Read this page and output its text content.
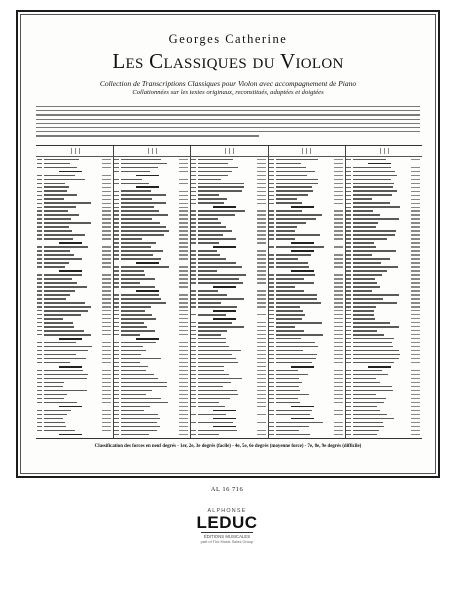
Georges Catherine
Les Classiques du Violon
Collection de Transcriptions Classiques pour Violon avec accompagnement de Piano
Collationnées sur les textes originaux, reconstitués, adaptées et doigtées
Classification des forces en neuf degrés - 1er, 2e, 3e degrés (facile) - 4e, 5e, 6e degrés (moyenne force) - 7e, 8e, 9e degrés (difficile)
AL 16 716
ALPHONSE
LEDUC
ÉDITIONS MUSICALES
part of The Music Sales Group
